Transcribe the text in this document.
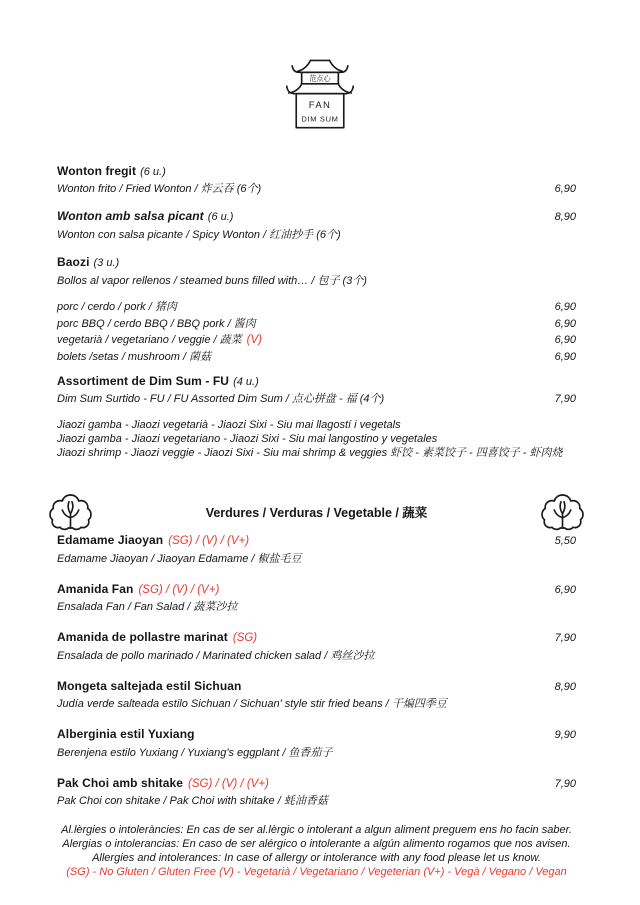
范点心
FAN
DIM SUM
Wonton fregit (6 u.)
Wonton frito / Fried Wonton / 炸云吞 (6个)	6,90
Wonton amb salsa picant (6 u.)	8,90
Wonton con salsa picante / Spicy Wonton / 红油抄手 (6个)
Baozi (3 u.)
Bollos al vapor rellenos / steamed buns filled with… / 包子 (3个)
porc / cerdo / pork / 猪肉	6,90
porc BBQ / cerdo BBQ / BBQ pork / 酱肉	6,90
vegetarià / vegetariano / veggie / 蔬菜 (V)	6,90
bolets /setas / mushroom / 菌菇	6,90
Assortiment de Dim Sum - FU (4 u.)
Dim Sum Surtido - FU / FU Assorted Dim Sum / 点心拼盘 - 福 (4个)	7,90
Jiaozi gamba - Jiaozi vegetarià - Jiaozi Sixi - Siu mai llagostí i vegetals
Jiaozi gamba - Jiaozi vegetariano - Jiaozi Sixi - Siu mai langostino y vegetales
Jiaozi shrimp - Jiaozi veggie - Jiaozi Sixi - Siu mai shrimp & veggies 虾饺 - 素菜饺子 - 四喜饺子 - 虾肉烧
Verdures / Verduras / Vegetable / 蔬菜
Edamame Jiaoyan (SG) / (V) / (V+)	5,50
Edamame Jiaoyan / Jiaoyan Edamame / 椒盐毛豆
Amanida Fan (SG) / (V) / (V+)	6,90
Ensalada Fan / Fan Salad / 蔬菜沙拉
Amanida de pollastre marinat (SG)	7,90
Ensalada de pollo marinado / Marinated chicken salad / 鸡丝沙拉
Mongeta saltejada estil Sichuan	8,90
Judía verde salteada estilo Sichuan / Sichuan' style stir fried beans / 干煸四季豆
Alberginia estil Yuxiang	9,90
Berenjena estilo Yuxiang / Yuxiang's eggplant / 鱼香茄子
Pak Choi amb shitake (SG) / (V) / (V+)	7,90
Pak Choi con shitake / Pak Choi with shitake / 蚝油香菇
Al.lèrgies o intoleràncies: En cas de ser al.lèrgic o intolerant a algun aliment preguem ens ho facin saber.
Alergias o intolerancias: En caso de ser alérgico o intolerante a algún alimento rogamos que nos avisen.
Allergies and intolerances: In case of allergy or intolerance with any food please let us know.
(SG) - No Gluten / Gluten Free (V) - Vegetarià / Vegetariano / Vegeterian (V+) - Vegà / Vegano / Vegan
